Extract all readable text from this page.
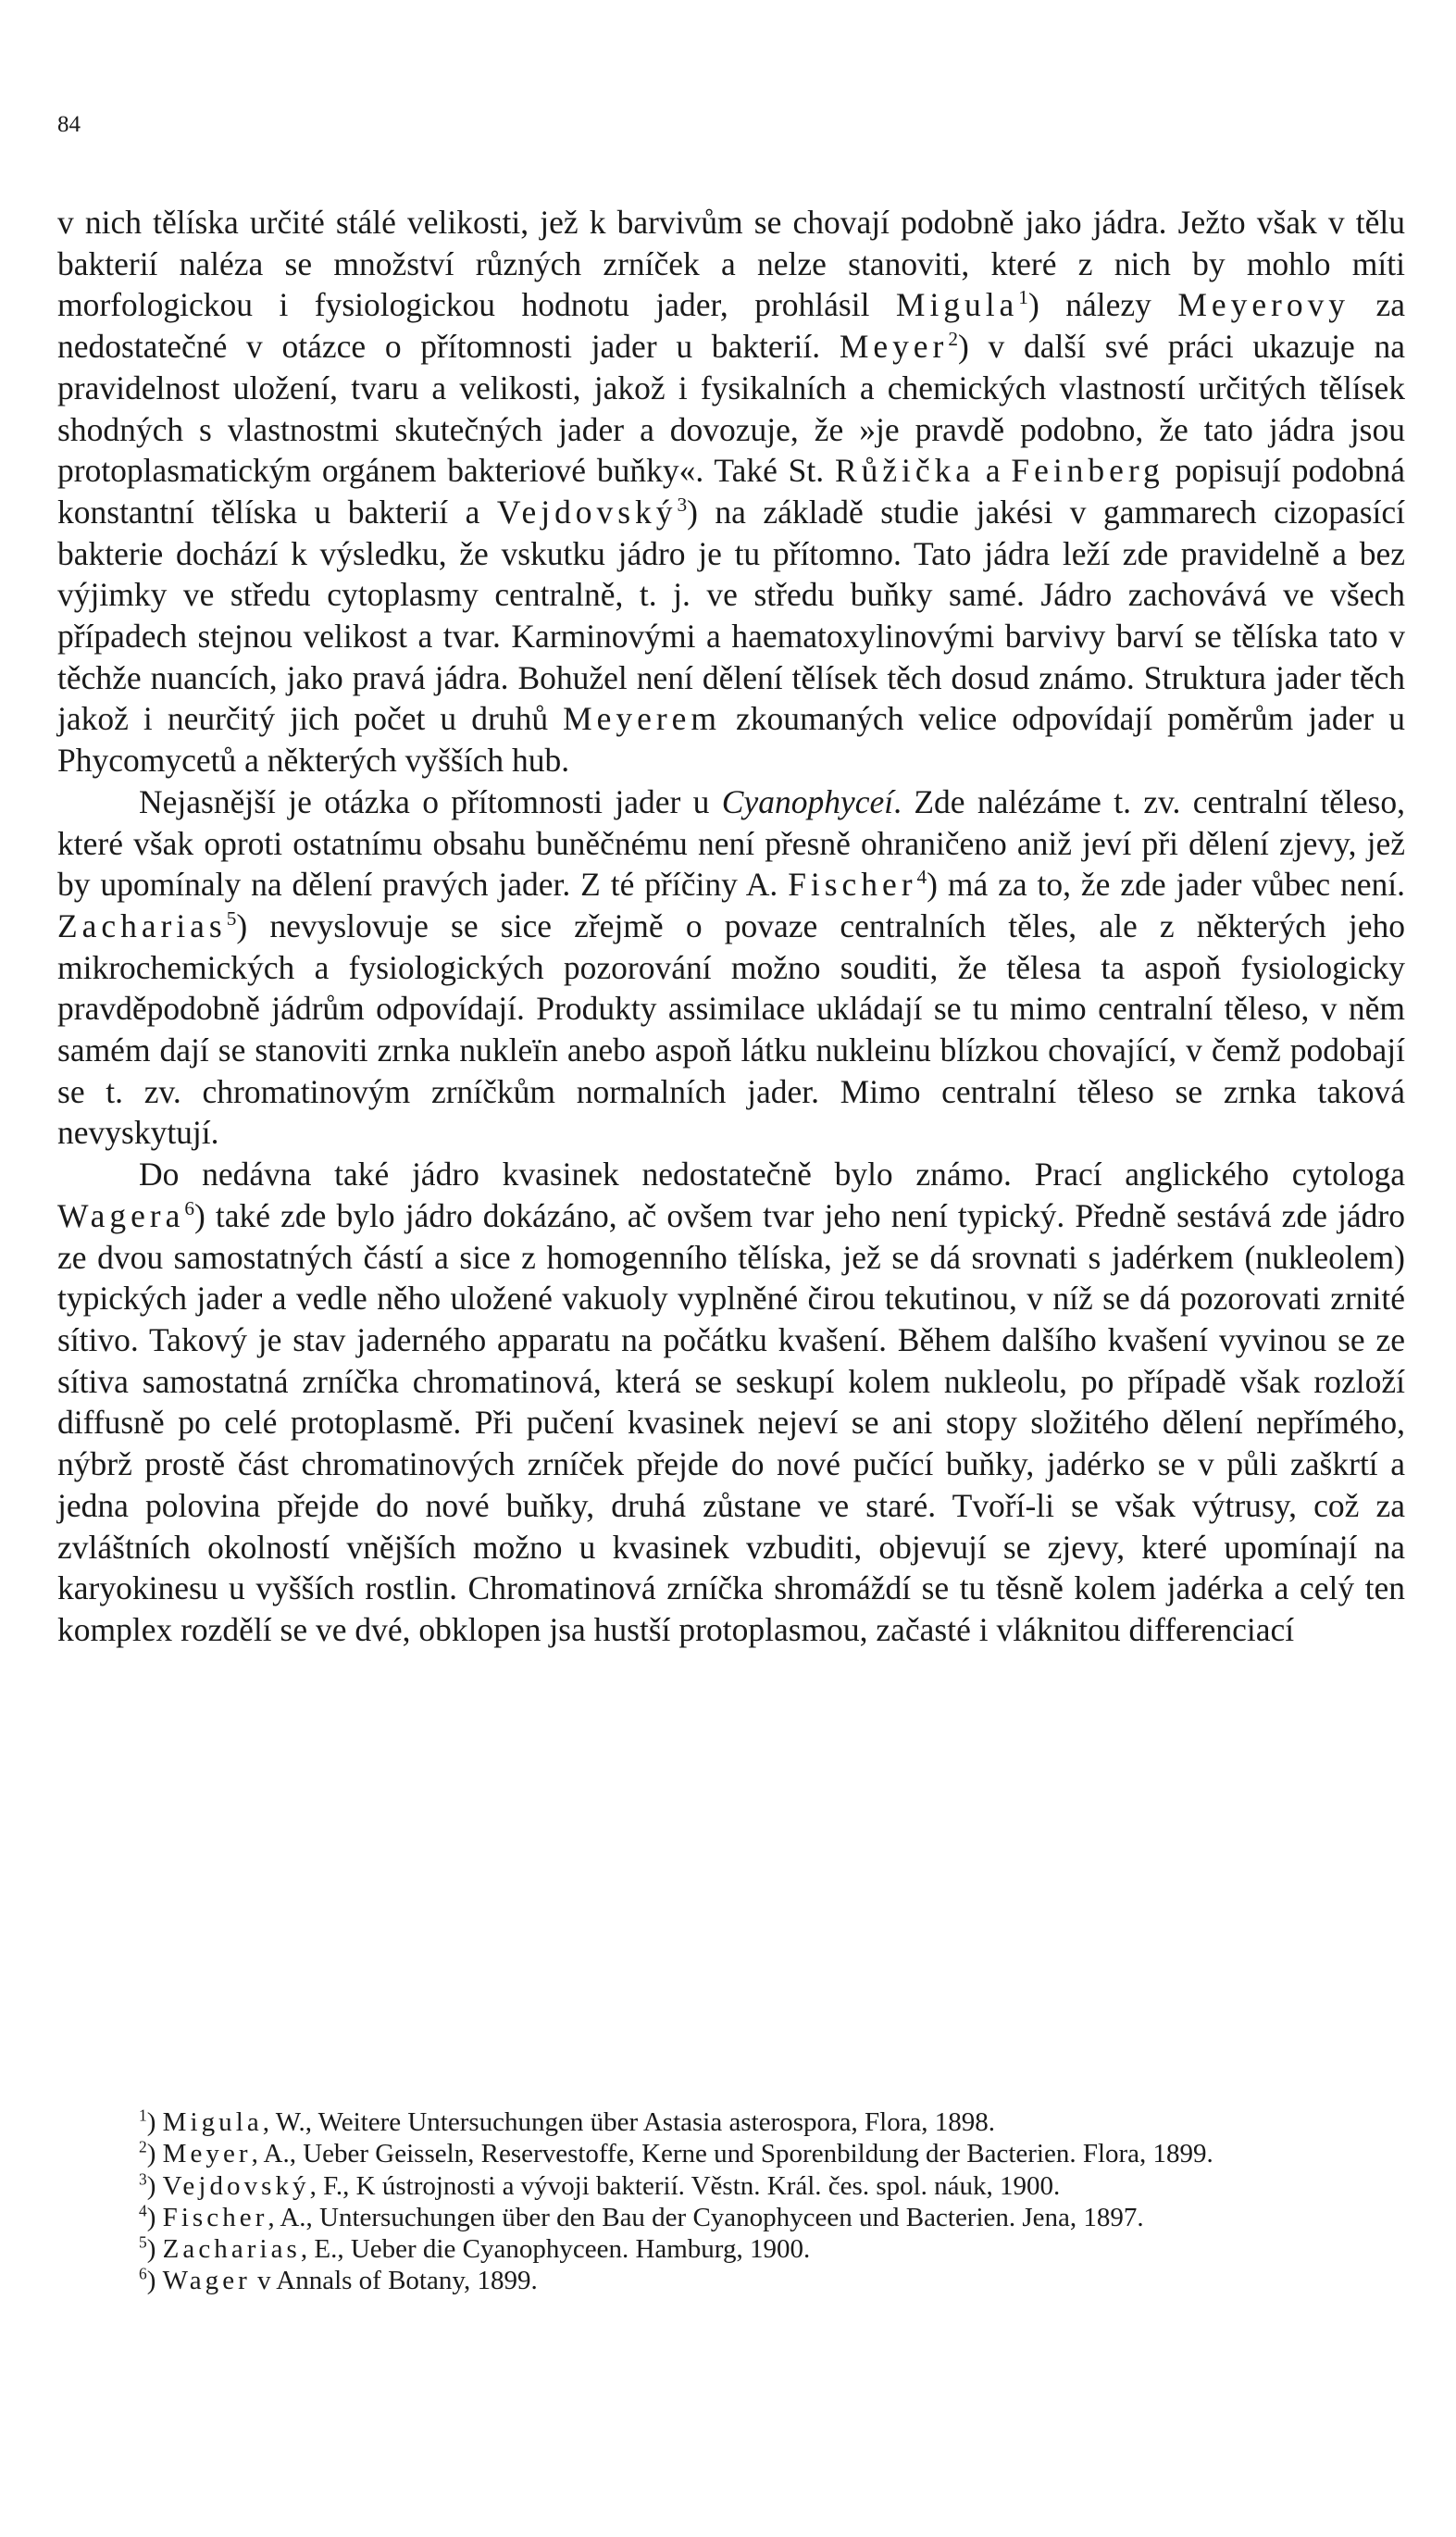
84

v nich tělíska určité stálé velikosti, jež k barvivům se chovají podobně jako jádra. Ježto však v tělu bakterií naléza se množství různých zrníček a nelze stanoviti, které z nich by mohlo míti morfologickou i fysiologickou hodnotu jader, prohlásil Migula$^1$) nálezy Meyerovy za nedostatečné v otázce o přítomnosti jader u bakterií. Meyer$^2$) v další své práci ukazuje na pravidelnost uložení, tvaru a velikosti, jakož i fysikalních a chemických vlastností určitých tělísek shodných s vlastnostmi skutečných jader a dovozuje, že »je pravdě podobno, že tato jádra jsou protoplasmatickým orgánem bakteriové buňky«. Také St. Růžička a Feinberg popisují podobná konstantní tělíska u bakterií a Vejdovský$^3$) na základě studie jakési v gammarech cizopasící bakterie dochází k výsledku, že vskutku jádro je tu přítomno. Tato jádra leží zde pravidelně a bez výjimky ve středu cytoplasmy centralně, t. j. ve středu buňky samé. Jádro zachovává ve všech případech stejnou velikost a tvar. Karminovými a haematoxylinovými barvivy barví se tělíska tato v těchže nuancích, jako pravá jádra. Bohužel není dělení tělísek těch dosud známo. Struktura jader těch jakož i neurčitý jich počet u druhů Meyerem zkoumaných velice odpovídají poměrům jader u Phycomycetů a některých vyšších hub.

Nejasnější je otázka o přítomnosti jader u Cyanophyceí. Zde nalézáme t. zv. centralní těleso, které však oproti ostatnímu obsahu buněčnému není přesně ohraničeno aniž jeví při dělení zjevy, jež by upomínaly na dělení pravých jader. Z té příčiny A. Fischer$^4$) má za to, že zde jader vůbec není. Zacharias$^5$) nevyslovuje se sice zřejmě o povaze centralních těles, ale z některých jeho mikrochemických a fysiologických pozorování možno souditi, že tělesa ta aspoň fysiologicky pravděpodobně jádrům odpovídají. Produkty assimilace ukládají se tu mimo centralní těleso, v něm samém dají se stanoviti zrnka nukleïn anebo aspoň látku nukleinu blízkou chovající, v čemž podobají se t. zv. chromatinovým zrníčkům normalních jader. Mimo centralní těleso se zrnka taková nevyskytují.

Do nedávna také jádro kvasinek nedostatečně bylo známo. Prací anglického cytologa Wagera$^6$) také zde bylo jádro dokázáno, ač ovšem tvar jeho není typický. Předně sestává zde jádro ze dvou samostatných částí a sice z homogenního tělíska, jež se dá srovnati s jadérkem (nukleolem) typických jader a vedle něho uložené vakuoly vyplněné čirou tekutinou, v níž se dá pozorovati zrnité sítivo. Takový je stav jaderného apparatu na počátku kvašení. Během dalšího kvašení vyvinou se ze sítiva samostatná zrníčka chromatinová, která se seskupí kolem nukleolu, po případě však rozloží diffusně po celé protoplasmě. Při pučení kvasinek nejeví se ani stopy složitého dělení nepřímého, nýbrž prostě část chromatinových zrníček přejde do nové pučící buňky, jadérko se v půli zaškrtí a jedna polovina přejde do nové buňky, druhá zůstane ve staré. Tvoří-li se však výtrusy, což za zvláštních okolností vnějších možno u kvasinek vzbuditi, objevují se zjevy, které upomínají na karyokinesu u vyšších rostlin. Chromatinová zrníčka shromáždí se tu těsně kolem jadérka a celý ten komplex rozdělí se ve dvé, obklopen jsa hustší protoplasmou, začasté i vláknitou differenciací

$^1$) Migula, W., Weitere Untersuchungen über Astasia asterospora, Flora, 1898.

$^2$) Meyer, A., Ueber Geisseln, Reservestoffe, Kerne und Sporenbildung der Bacterien. Flora, 1899.

$^3$) Vejdovský, F., K ústrojnosti a vývoji bakterií. Věstn. Král. čes. spol. náuk, 1900.

$^4$) Fischer, A., Untersuchungen über den Bau der Cyanophyceen und Bacterien. Jena, 1897.

$^5$) Zacharias, E., Ueber die Cyanophyceen. Hamburg, 1900.

$^6$) Wager v Annals of Botany, 1899.
